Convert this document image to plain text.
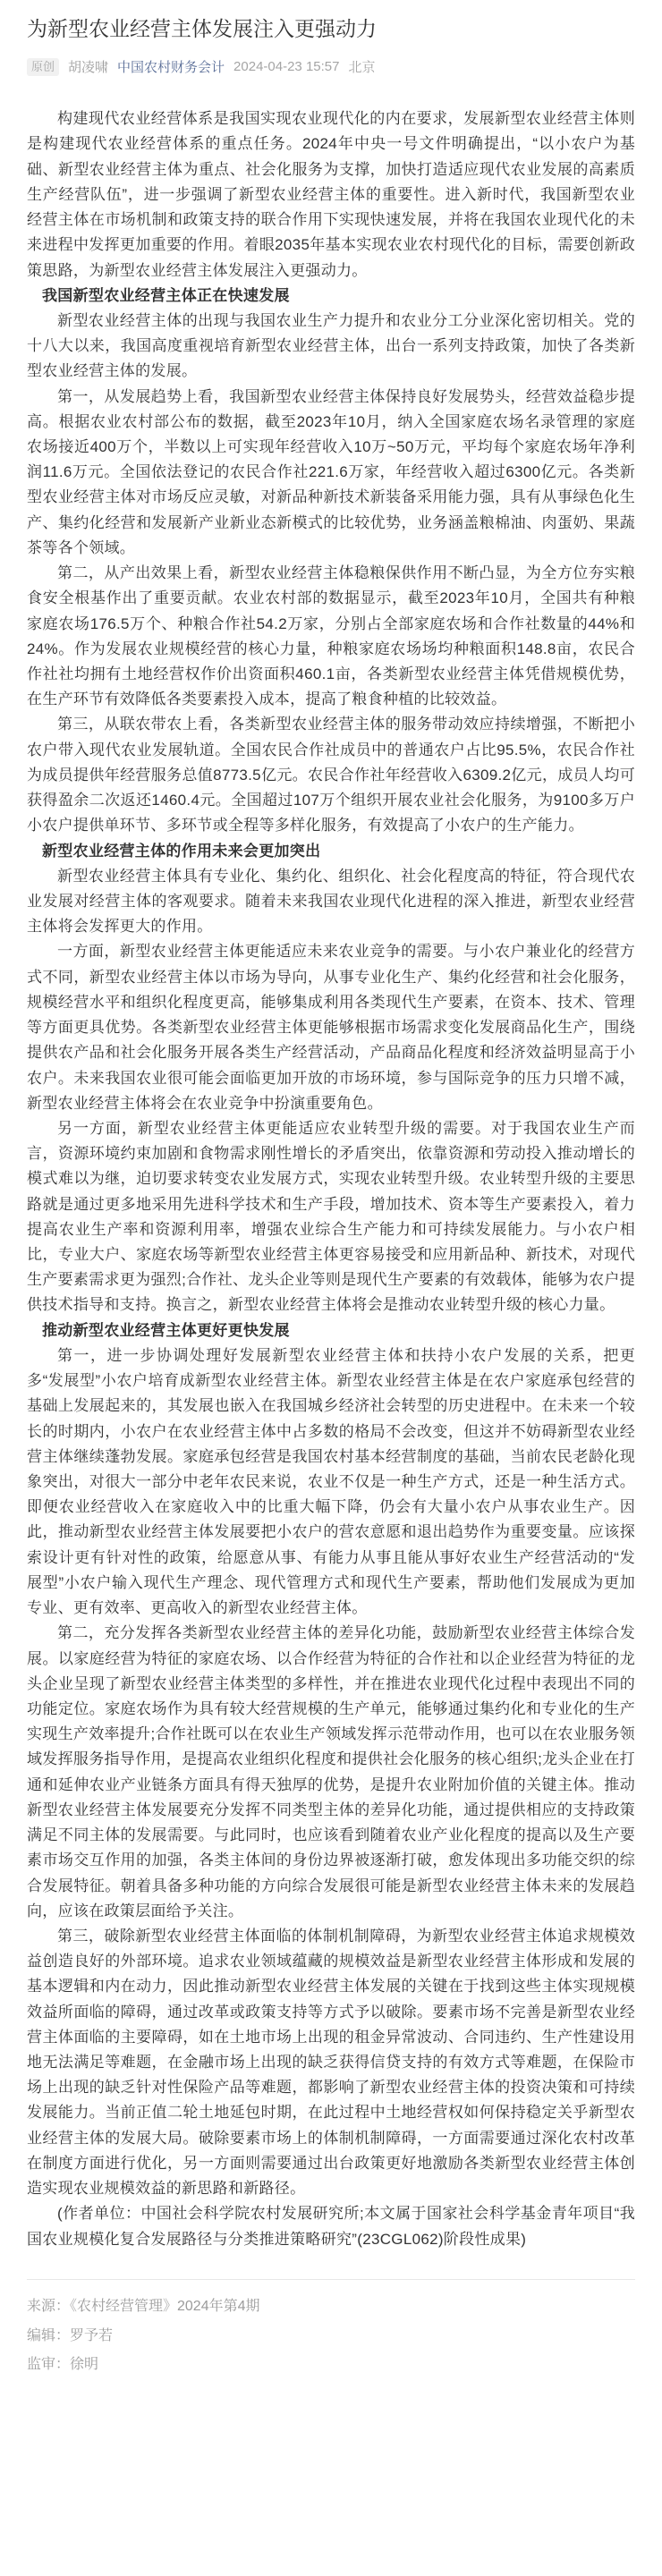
为新型农业经营主体发展注入更强动力
原创	胡凌啸 中国农村财务会计 2024-04-23 15:57 北京

构建现代农业经营体系是我国实现农业现代化的内在要求，发展新型农业经营主体则是构建现代农业经营体系的重点任务。2024年中央一号文件明确提出，“以小农户为基础、新型农业经营主体为重点、社会化服务为支撑，加快打造适应现代农业发展的高素质生产经营队伍”，进一步强调了新型农业经营主体的重要性。进入新时代，我国新型农业经营主体在市场机制和政策支持的联合作用下实现快速发展，并将在我国农业现代化的未来进程中发挥更加重要的作用。着眼2035年基本实现农业农村现代化的目标，需要创新政策思路，为新型农业经营主体发展注入更强动力。

我国新型农业经营主体正在快速发展

新型农业经营主体的出现与我国农业生产力提升和农业分工分业深化密切相关。党的十八大以来，我国高度重视培育新型农业经营主体，出台一系列支持政策，加快了各类新型农业经营主体的发展。

第一，从发展趋势上看，我国新型农业经营主体保持良好发展势头，经营效益稳步提高。根据农业农村部公布的数据，截至2023年10月，纳入全国家庭农场名录管理的家庭农场接近400万个，半数以上可实现年经营收入10万~50万元，平均每个家庭农场年净利润11.6万元。全国依法登记的农民合作社221.6万家，年经营收入超过6300亿元。各类新型农业经营主体对市场反应灵敏，对新品种新技术新装备采用能力强，具有从事绿色化生产、集约化经营和发展新产业新业态新模式的比较优势，业务涵盖粮棉油、肉蛋奶、果蔬茶等各个领域。

第二，从产出效果上看，新型农业经营主体稳粮保供作用不断凸显，为全方位夯实粮食安全根基作出了重要贡献。农业农村部的数据显示，截至2023年10月，全国共有种粮家庭农场176.5万个、种粮合作社54.2万家，分别占全部家庭农场和合作社数量的44%和24%。作为发展农业规模经营的核心力量，种粮家庭农场场均种粮面积148.8亩，农民合作社社均拥有土地经营权作价出资面积460.1亩，各类新型农业经营主体凭借规模优势，在生产环节有效降低各类要素投入成本，提高了粮食种植的比较效益。

第三，从联农带农上看，各类新型农业经营主体的服务带动效应持续增强，不断把小农户带入现代农业发展轨道。全国农民合作社成员中的普通农户占比95.5%，农民合作社为成员提供年经营服务总值8773.5亿元。农民合作社年经营收入6309.2亿元，成员人均可获得盈余二次返还1460.4元。全国超过107万个组织开展农业社会化服务，为9100多万户小农户提供单环节、多环节或全程等多样化服务，有效提高了小农户的生产能力。

新型农业经营主体的作用未来会更加突出

新型农业经营主体具有专业化、集约化、组织化、社会化程度高的特征，符合现代农业发展对经营主体的客观要求。随着未来我国农业现代化进程的深入推进，新型农业经营主体将会发挥更大的作用。

一方面，新型农业经营主体更能适应未来农业竞争的需要。与小农户兼业化的经营方式不同，新型农业经营主体以市场为导向，从事专业化生产、集约化经营和社会化服务，规模经营水平和组织化程度更高，能够集成利用各类现代生产要素，在资本、技术、管理等方面更具优势。各类新型农业经营主体更能够根据市场需求变化发展商品化生产，围绕提供农产品和社会化服务开展各类生产经营活动，产品商品化程度和经济效益明显高于小农户。未来我国农业很可能会面临更加开放的市场环境，参与国际竞争的压力只增不减，新型农业经营主体将会在农业竞争中扮演重要角色。

另一方面，新型农业经营主体更能适应农业转型升级的需要。对于我国农业生产而言，资源环境约束加剧和食物需求刚性增长的矛盾突出，依靠资源和劳动投入推动增长的模式难以为继，迫切要求转变农业发展方式，实现农业转型升级。农业转型升级的主要思路就是通过更多地采用先进科学技术和生产手段，增加技术、资本等生产要素投入，着力提高农业生产率和资源利用率，增强农业综合生产能力和可持续发展能力。与小农户相比，专业大户、家庭农场等新型农业经营主体更容易接受和应用新品种、新技术，对现代生产要素需求更为强烈;合作社、龙头企业等则是现代生产要素的有效载体，能够为农户提供技术指导和支持。换言之，新型农业经营主体将会是推动农业转型升级的核心力量。

推动新型农业经营主体更好更快发展

第一，进一步协调处理好发展新型农业经营主体和扶持小农户发展的关系，把更多“发展型”小农户培育成新型农业经营主体。新型农业经营主体是在农户家庭承包经营的基础上发展起来的，其发展也嵌入在我国城乡经济社会转型的历史进程中。在未来一个较长的时期内，小农户在农业经营主体中占多数的格局不会改变，但这并不妨碍新型农业经营主体继续蓬勃发展。家庭承包经营是我国农村基本经营制度的基础，当前农民老龄化现象突出，对很大一部分中老年农民来说，农业不仅是一种生产方式，还是一种生活方式。即便农业经营收入在家庭收入中的比重大幅下降，仍会有大量小农户从事农业生产。因此，推动新型农业经营主体发展要把小农户的营农意愿和退出趋势作为重要变量。应该探索设计更有针对性的政策，给愿意从事、有能力从事且能从事好农业生产经营活动的“发展型”小农户输入现代生产理念、现代管理方式和现代生产要素，帮助他们发展成为更加专业、更有效率、更高收入的新型农业经营主体。

第二，充分发挥各类新型农业经营主体的差异化功能，鼓励新型农业经营主体综合发展。以家庭经营为特征的家庭农场、以合作经营为特征的合作社和以企业经营为特征的龙头企业呈现了新型农业经营主体类型的多样性，并在推进农业现代化过程中表现出不同的功能定位。家庭农场作为具有较大经营规模的生产单元，能够通过集约化和专业化的生产实现生产效率提升;合作社既可以在农业生产领域发挥示范带动作用，也可以在农业服务领域发挥服务指导作用，是提高农业组织化程度和提供社会化服务的核心组织;龙头企业在打通和延伸农业产业链条方面具有得天独厚的优势，是提升农业附加价值的关键主体。推动新型农业经营主体发展要充分发挥不同类型主体的差异化功能，通过提供相应的支持政策满足不同主体的发展需要。与此同时，也应该看到随着农业产业化程度的提高以及生产要素市场交互作用的加强，各类主体间的身份边界被逐渐打破，愈发体现出多功能交织的综合发展特征。朝着具备多种功能的方向综合发展很可能是新型农业经营主体未来的发展趋向，应该在政策层面给予关注。

第三，破除新型农业经营主体面临的体制机制障碍，为新型农业经营主体追求规模效益创造良好的外部环境。追求农业领域蕴藏的规模效益是新型农业经营主体形成和发展的基本逻辑和内在动力，因此推动新型农业经营主体发展的关键在于找到这些主体实现规模效益所面临的障碍，通过改革或政策支持等方式予以破除。要素市场不完善是新型农业经营主体面临的主要障碍，如在土地市场上出现的租金异常波动、合同违约、生产性建设用地无法满足等难题，在金融市场上出现的缺乏获得信贷支持的有效方式等难题，在保险市场上出现的缺乏针对性保险产品等难题，都影响了新型农业经营主体的投资决策和可持续发展能力。当前正值二轮土地延包时期，在此过程中土地经营权如何保持稳定关乎新型农业经营主体的发展大局。破除要素市场上的体制机制障碍，一方面需要通过深化农村改革在制度方面进行优化，另一方面则需要通过出台政策更好地激励各类新型农业经营主体创造实现农业规模效益的新思路和新路径。

(作者单位：中国社会科学院农村发展研究所;本文属于国家社会科学基金青年项目“我国农业规模化复合发展路径与分类推进策略研究”(23CGL062)阶段性成果)

来源：《农村经营管理》2024年第4期

编辑：罗予若

监审：徐明
